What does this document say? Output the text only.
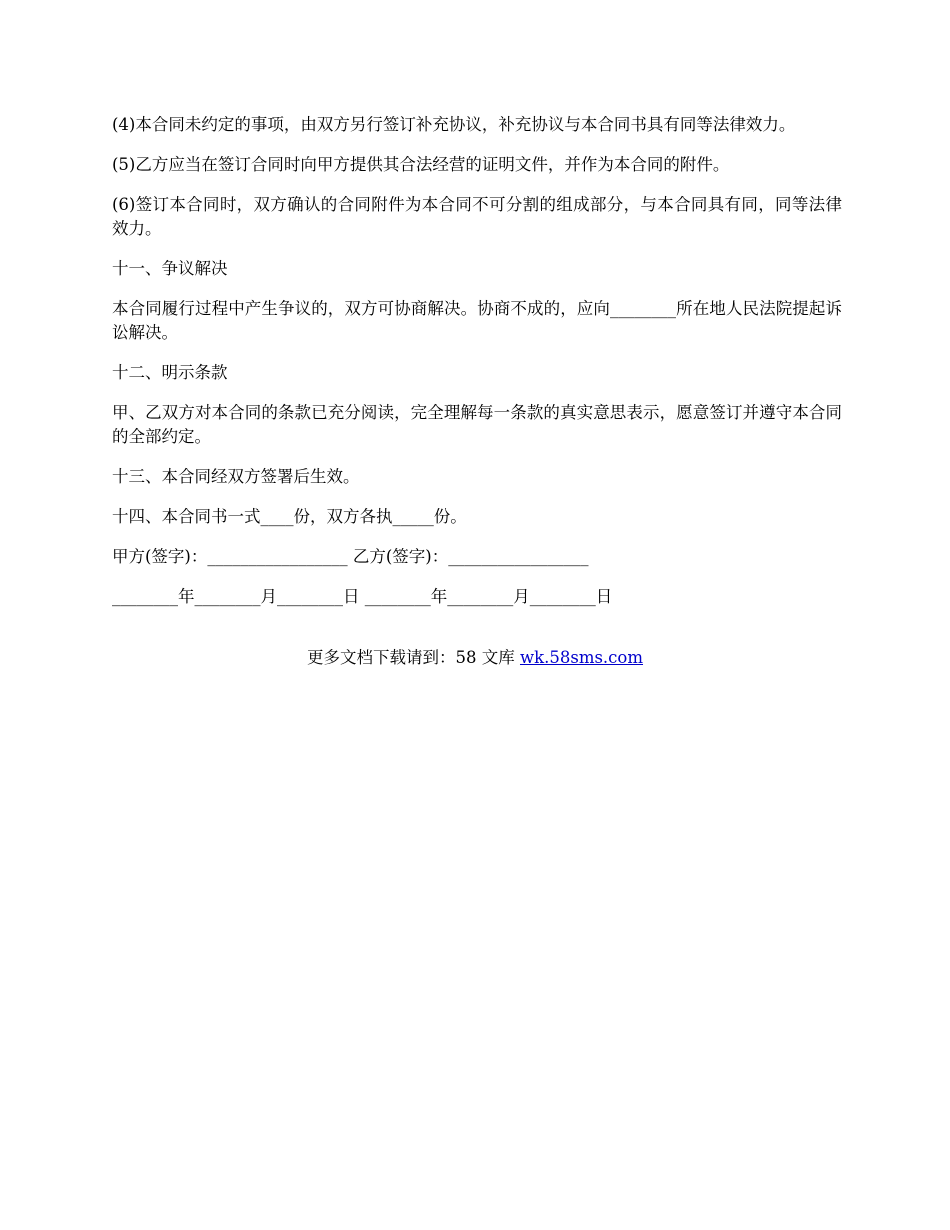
(4)本合同未约定的事项，由双方另行签订补充协议，补充协议与本合同书具有同等法律效力。

(5)乙方应当在签订合同时向甲方提供其合法经营的证明文件，并作为本合同的附件。

(6)签订本合同时，双方确认的合同附件为本合同不可分割的组成部分，与本合同具有同，同等法律效力。

十一、争议解决

本合同履行过程中产生争议的，双方可协商解决。协商不成的，应向________所在地人民法院提起诉讼解决。

十二、明示条款

甲、乙双方对本合同的条款已充分阅读，完全理解每一条款的真实意思表示，愿意签订并遵守本合同的全部约定。

十三、本合同经双方签署后生效。

十四、本合同书一式____份，双方各执_____份。

甲方(签字)：_________________ 乙方(签字)：_________________

________年________月________日 ________年________月________日

更多文档下载请到：58 文库 wk.58sms.com
